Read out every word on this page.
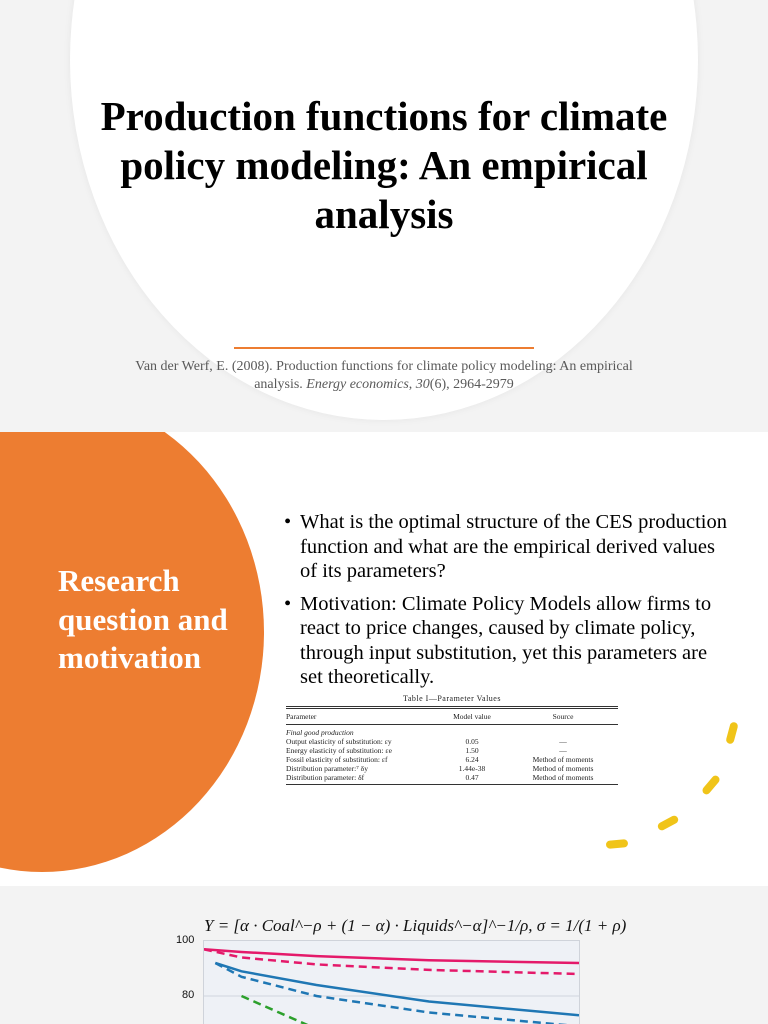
Production functions for climate policy modeling: An empirical analysis
Van der Werf, E. (2008). Production functions for climate policy modeling: An empirical analysis. Energy economics, 30(6), 2964-2979
Research question and motivation
• What is the optimal structure of the CES production function and what are the empirical derived values of its parameters?
• Motivation: Climate Policy Models allow firms to react to price changes, caused by climate policy, through input substitution, yet this parameters are set theoretically.
Table I—Parameter Values
Parameter	Model value	Source
Final good production
Output elasticity of substitution: εy	0.05	—
Energy elasticity of substitution: εe	1.50	—
Fossil elasticity of substitution: εf	6.24	Method of moments
Distribution parameter:⁷ δy	1.44e-38	Method of moments
Distribution parameter: δf	0.47	Method of moments
Y = [α · Coal^−ρ + (1 − α) · Liquids^−α]^−1/ρ, σ = 1/(1 + ρ)
100
80
